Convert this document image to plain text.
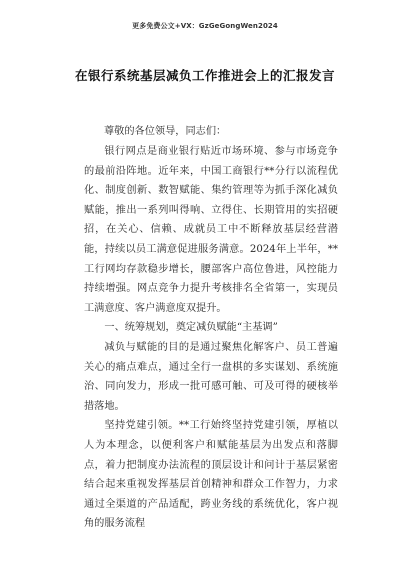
更多免费公文+VX：GzGeGongWen2024
在银行系统基层减负工作推进会上的汇报发言
尊敬的各位领导，同志们：

银行网点是商业银行贴近市场环境、参与市场竞争的最前沿阵地。近年来，中国工商银行**分行以流程优化、制度创新、数智赋能、集约管理等为抓手深化减负赋能，推出一系列叫得响、立得住、长期管用的实招硬招，在关心、信赖、成就员工中不断释放基层经营潜能，持续以员工满意促进服务满意。2024年上半年，**工行网均存款稳步增长，腰部客户高位鲁进，风控能力持续增强。网点竞争力提升考核排名全省第一，实现员工满意度、客户满意度双提升。

一、统筹规划，奠定减负赋能“主基调”

减负与赋能的目的是通过聚焦化解客户、员工普遍关心的痛点难点，通过全行一盘棋的多实谋划、系统施治、同向发力，形成一批可感可触、可及可得的硬核举措落地。

坚持党建引领。**工行始终坚持党建引领，厚植以人为本理念，以便利客户和赋能基层为出发点和落脚点，着力把制度办法流程的顶层设计和问计于基层紧密结合起来重视发挥基层首创精神和群众工作智力，力求通过全渠道的产品适配，跨业务线的系统优化，客户视角的服务流程
